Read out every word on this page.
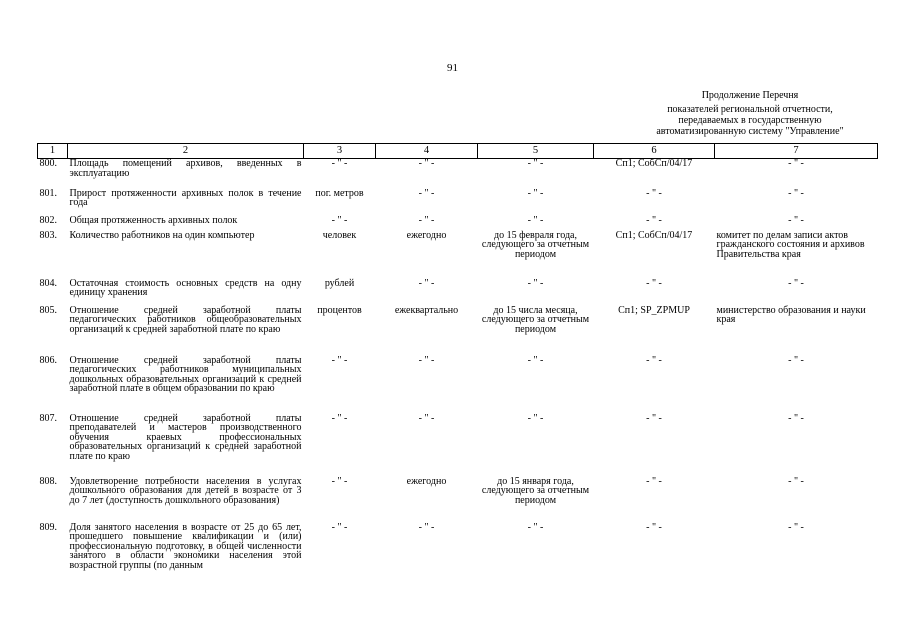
91
Продолжение Перечня
показателей региональной отчетности,
передаваемых в государственную
автоматизированную систему "Управление"
1	2	3	4	5	6	7
800.	Площадь помещений архивов, введенных в эксплуатацию	- " -	- " -	- " -	Сп1; СобСп/04/17	- " -
801.	Прирост протяженности архивных полок в течение года	пог. метров	- " -	- " -	- " -	- " -
802.	Общая протяженность архивных полок	- " -	- " -	- " -	- " -	- " -
803.	Количество работников на один компьютер	человек	ежегодно	до 15 февраля года, следующего за отчетным периодом	Сп1; СобСп/04/17	комитет по делам записи актов гражданского состояния и архивов Правительства края
804.	Остаточная стоимость основных средств на одну единицу хранения	рублей	- " -	- " -	- " -	- " -
805.	Отношение средней заработной платы педагогических работников общеобразовательных организаций к средней заработной плате по краю	процентов	ежеквартально	до 15 числа месяца, следующего за отчетным периодом	Сп1; SP_ZPMUP	министерство образования и науки края
806.	Отношение средней заработной платы педагогических работников муниципальных дошкольных образовательных организаций к средней заработной плате в общем образовании по краю	- " -	- " -	- " -	- " -	- " -
807.	Отношение средней заработной платы преподавателей и мастеров производственного обучения краевых профессиональных образовательных организаций к средней заработной плате по краю	- " -	- " -	- " -	- " -	- " -
808.	Удовлетворение потребности населения в услугах дошкольного образования для детей в возрасте от 3 до 7 лет (доступность дошкольного образования)	- " -	ежегодно	до 15 января года, следующего за отчетным периодом	- " -	- " -
809.	Доля занятого населения в возрасте от 25 до 65 лет, прошедшего повышение квалификации и (или) профессиональную подготовку, в общей численности занятого в области экономики населения этой возрастной группы (по данным	- " -	- " -	- " -	- " -	- " -
